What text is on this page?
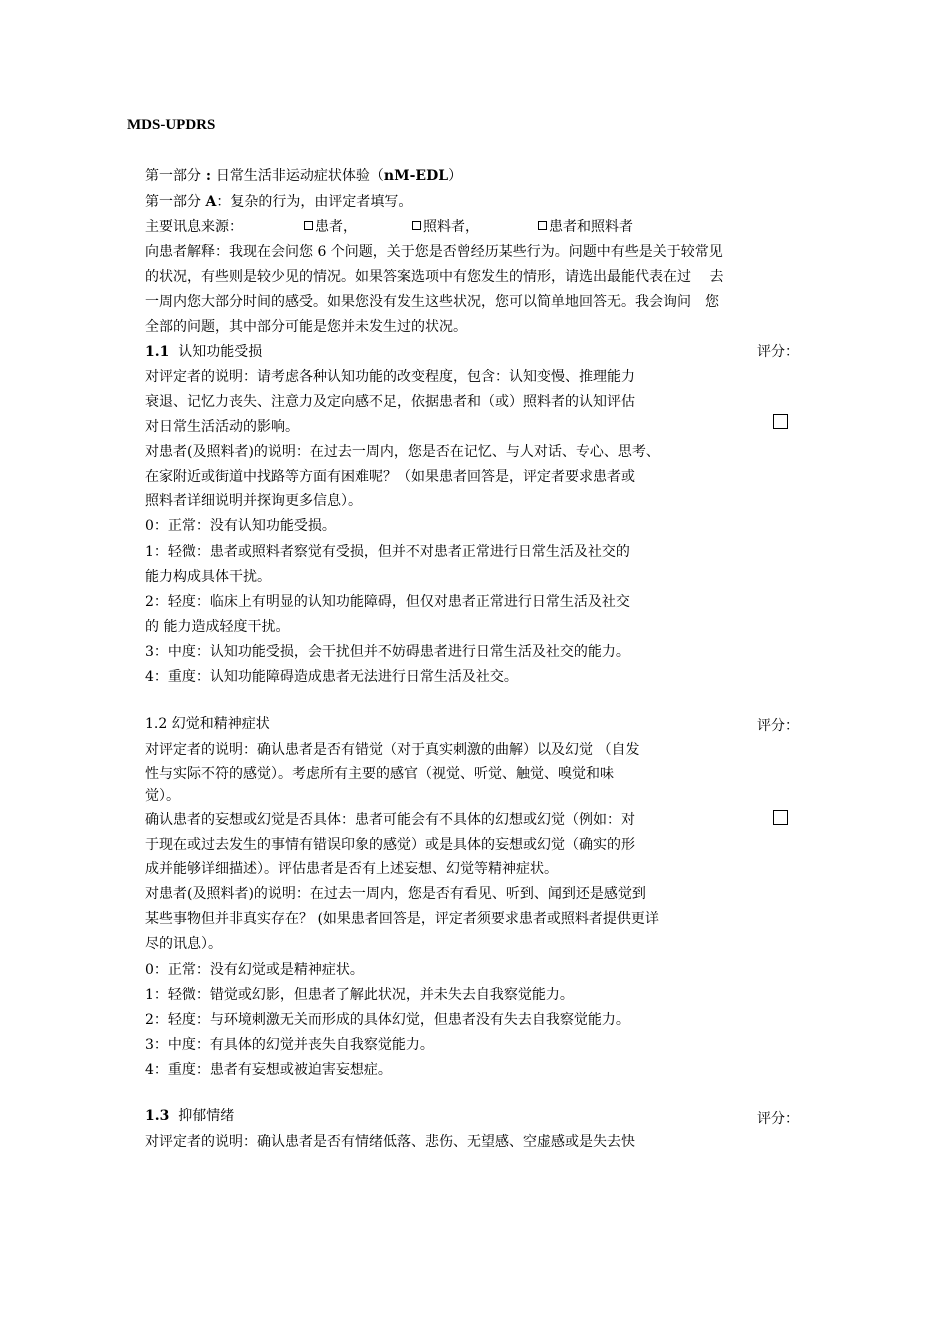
MDS-UPDRS
第一部分 : 日常生活非运动症状体验（nM-EDL）
第一部分 A：复杂的行为，由评定者填写。
主要讯息来源：	患者，	照料者，	患者和照料者
向患者解释：我现在会问您 6 个问题，关于您是否曾经历某些行为。问题中有些是关于较常见
的状况，有些则是较少见的情况。如果答案选项中有您发生的情形，请选出最能代表在过　 去
一周内您大部分时间的感受。如果您没有发生这些状况，您可以简单地回答无。我会询问　您
全部的问题，其中部分可能是您并未发生过的状况。
1.1 认知功能受损	评分：
对评定者的说明：请考虑各种认知功能的改变程度，包含：认知变慢、推理能力
衰退、记忆力丧失、注意力及定向感不足，依据患者和（或）照料者的认知评估
对日常生活活动的影响。
对患者(及照料者)的说明：在过去一周内，您是否在记忆、与人对话、专心、思考、
在家附近或街道中找路等方面有困难呢？（如果患者回答是，评定者要求患者或
照料者详细说明并探询更多信息）。
0：正常：没有认知功能受损。
1：轻微：患者或照料者察觉有受损，但并不对患者正常进行日常生活及社交的
能力构成具体干扰。
2：轻度：临床上有明显的认知功能障碍，但仅对患者正常进行日常生活及社交
的 能力造成轻度干扰。
3：中度：认知功能受损，会干扰但并不妨碍患者进行日常生活及社交的能力。
4：重度：认知功能障碍造成患者无法进行日常生活及社交。
1.2 幻觉和精神症状	评分：
对评定者的说明：确认患者是否有错觉（对于真实刺激的曲解）以及幻觉 （自发
性与实际不符的感觉）。考虑所有主要的感官（视觉、听觉、触觉、嗅觉和味
觉）。
确认患者的妄想或幻觉是否具体：患者可能会有不具体的幻想或幻觉（例如：对
于现在或过去发生的事情有错误印象的感觉）或是具体的妄想或幻觉（确实的形
成并能够详细描述）。评估患者是否有上述妄想、幻觉等精神症状。
对患者(及照料者)的说明：在过去一周内，您是否有看见、听到、闻到还是感觉到
某些事物但并非真实存在？ (如果患者回答是，评定者须要求患者或照料者提供更详
尽的讯息）。
0：正常：没有幻觉或是精神症状。
1：轻微：错觉或幻影，但患者了解此状况，并未失去自我察觉能力。
2：轻度：与环境刺激无关而形成的具体幻觉，但患者没有失去自我察觉能力。
3：中度：有具体的幻觉并丧失自我察觉能力。
4：重度：患者有妄想或被迫害妄想症。
1.3 抑郁情绪	评分：
对评定者的说明：确认患者是否有情绪低落、悲伤、无望感、空虚感或是失去快
